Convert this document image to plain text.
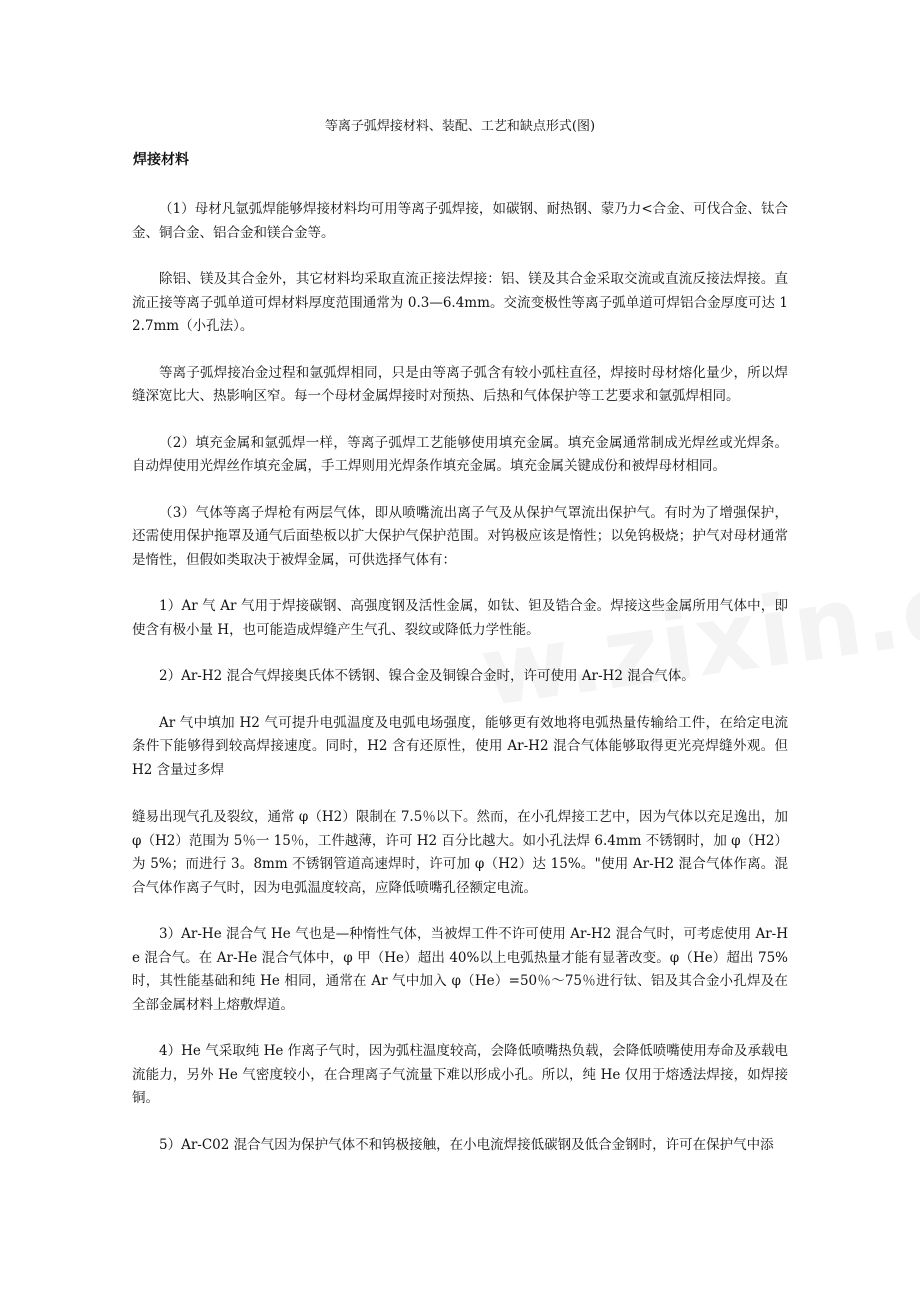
等离子弧焊接材料、装配、工艺和缺点形式(图)
焊接材料

（1）母材凡氩弧焊能够焊接材料均可用等离子弧焊接，如碳钢、耐热钢、蒙乃力<合金、可伐合金、钛合金、铜合金、铝合金和镁合金等。

除铝、镁及其合金外，其它材料均采取直流正接法焊接：铝、镁及其合金采取交流或直流反接法焊接。直流正接等离子弧单道可焊材料厚度范围通常为 0.3—6.4mm。交流变极性等离子弧单道可焊铝合金厚度可达 12.7mm（小孔法）。

等离子弧焊接冶金过程和氩弧焊相同，只是由等离子弧含有较小弧柱直径，焊接时母材熔化量少，所以焊缝深宽比大、热影响区窄。每一个母材金属焊接时对预热、后热和气体保护等工艺要求和氩弧焊相同。

（2）填充金属和氩弧焊一样，等离子弧焊工艺能够使用填充金属。填充金属通常制成光焊丝或光焊条。自动焊使用光焊丝作填充金属，手工焊则用光焊条作填充金属。填充金属关键成份和被焊母材相同。

（3）气体等离子焊枪有两层气体，即从喷嘴流出离子气及从保护气罩流出保护气。有时为了增强保护，还需使用保护拖罩及通气后面垫板以扩大保护气保护范围。对钨极应该是惰性；以免钨极烧；护气对母材通常是惰性，但假如类取决于被焊金属，可供选择气体有：

1）Ar 气 Ar 气用于焊接碳钢、高强度钢及活性金属，如钛、钽及锆合金。焊接这些金属所用气体中，即使含有极小量 H，也可能造成焊缝产生气孔、裂纹或降低力学性能。

2）Ar-H2 混合气焊接奥氏体不锈钢、镍合金及铜镍合金时，许可使用 Ar-H2 混合气体。

Ar 气中填加 H2 气可提升电弧温度及电弧电场强度，能够更有效地将电弧热量传输给工件，在给定电流条件下能够得到较高焊接速度。同时，H2 含有还原性，使用 Ar-H2 混合气体能够取得更光亮焊缝外观。但 H2 含量过多焊

缝易出现气孔及裂纹，通常 φ（H2）限制在 7.5％以下。然而，在小孔焊接工艺中，因为气体以充足逸出，加 φ（H2）范围为 5％一 15％，工件越薄，许可 H2 百分比越大。如小孔法焊 6.4mm 不锈钢时，加 φ（H2）为 5%；而进行 3。8mm 不锈钢管道高速焊时，许可加 φ（H2）达 15%。"使用 Ar-H2 混合气体作离。混合气体作离子气时，因为电弧温度较高，应降低喷嘴孔径额定电流。

3）Ar-He 混合气 He 气也是—种惰性气体，当被焊工件不许可使用 Ar-H2 混合气时，可考虑使用 Ar-He 混合气。在 Ar-He 混合气体中，φ 甲（He）超出 40%以上电弧热量才能有显著改变。φ（He）超出 75%时，其性能基础和纯 He 相同，通常在 Ar 气中加入 φ（He）=50％～75％进行钛、铝及其合金小孔焊及在全部金属材料上熔敷焊道。

4）He 气采取纯 He 作离子气时，因为弧柱温度较高，会降低喷嘴热负载，会降低喷嘴使用寿命及承载电流能力，另外 He 气密度较小，在合理离子气流量下难以形成小孔。所以，纯 He 仅用于熔透法焊接，如焊接铜。

5）Ar-C02 混合气因为保护气体不和钨极接触，在小电流焊接低碳钢及低合金钢时，许可在保护气中添
